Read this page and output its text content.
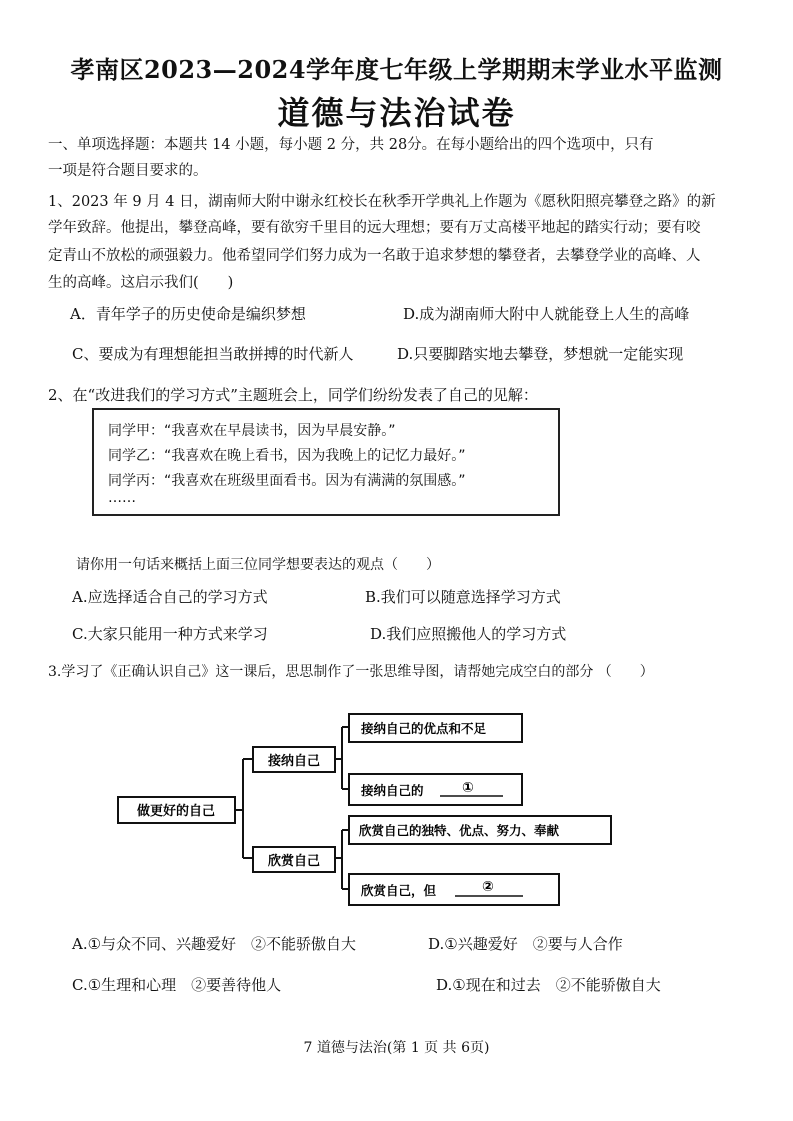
孝南区2023—2024学年度七年级上学期期末学业水平监测
道德与法治试卷
一、单项选择题：本题共 14 小题，每小题 2 分，共 28分。在每小题给出的四个选项中，只有
一项是符合题目要求的。
1、2023 年 9 月 4 日，湖南师大附中谢永红校长在秋季开学典礼上作题为《愿秋阳照亮攀登之路》的新
学年致辞。他提出，攀登高峰，要有欲穷千里目的远大理想；要有万丈高楼平地起的踏实行动；要有咬
定青山不放松的顽强毅力。他希望同学们努力成为一名敢于追求梦想的攀登者，去攀登学业的高峰、人
生的高峰。这启示我们(　　)
A．青年学子的历史使命是编织梦想	D.成为湖南师大附中人就能登上人生的高峰
C、要成为有理想能担当敢拼搏的时代新人	D.只要脚踏实地去攀登，梦想就一定能实现
2、在“改进我们的学习方式”主题班会上，同学们纷纷发表了自己的见解：
同学甲：“我喜欢在早晨读书，因为早晨安静。”
同学乙：“我喜欢在晚上看书，因为我晚上的记忆力最好。”
同学丙：“我喜欢在班级里面看书。因为有满满的氛围感。”
……
请你用一句话来概括上面三位同学想要表达的观点（　　）
A.应选择适合自己的学习方式	B.我们可以随意选择学习方式
C.大家只能用一种方式来学习	D.我们应照搬他人的学习方式
3.学习了《正确认识自己》这一课后，思思制作了一张思维导图，请帮她完成空白的部分 （　　）
做更好的自己
接纳自己
欣赏自己
接纳自己的优点和不足
接纳自己的	①
欣赏自己的独特、优点、努力、奉献
欣赏自己，但	②
A.①与众不同、兴趣爱好　②不能骄傲自大	D.①兴趣爱好　②要与人合作
C.①生理和心理　②要善待他人	D.①现在和过去　②不能骄傲自大
7 道德与法治(第 1 页 共 6页)
